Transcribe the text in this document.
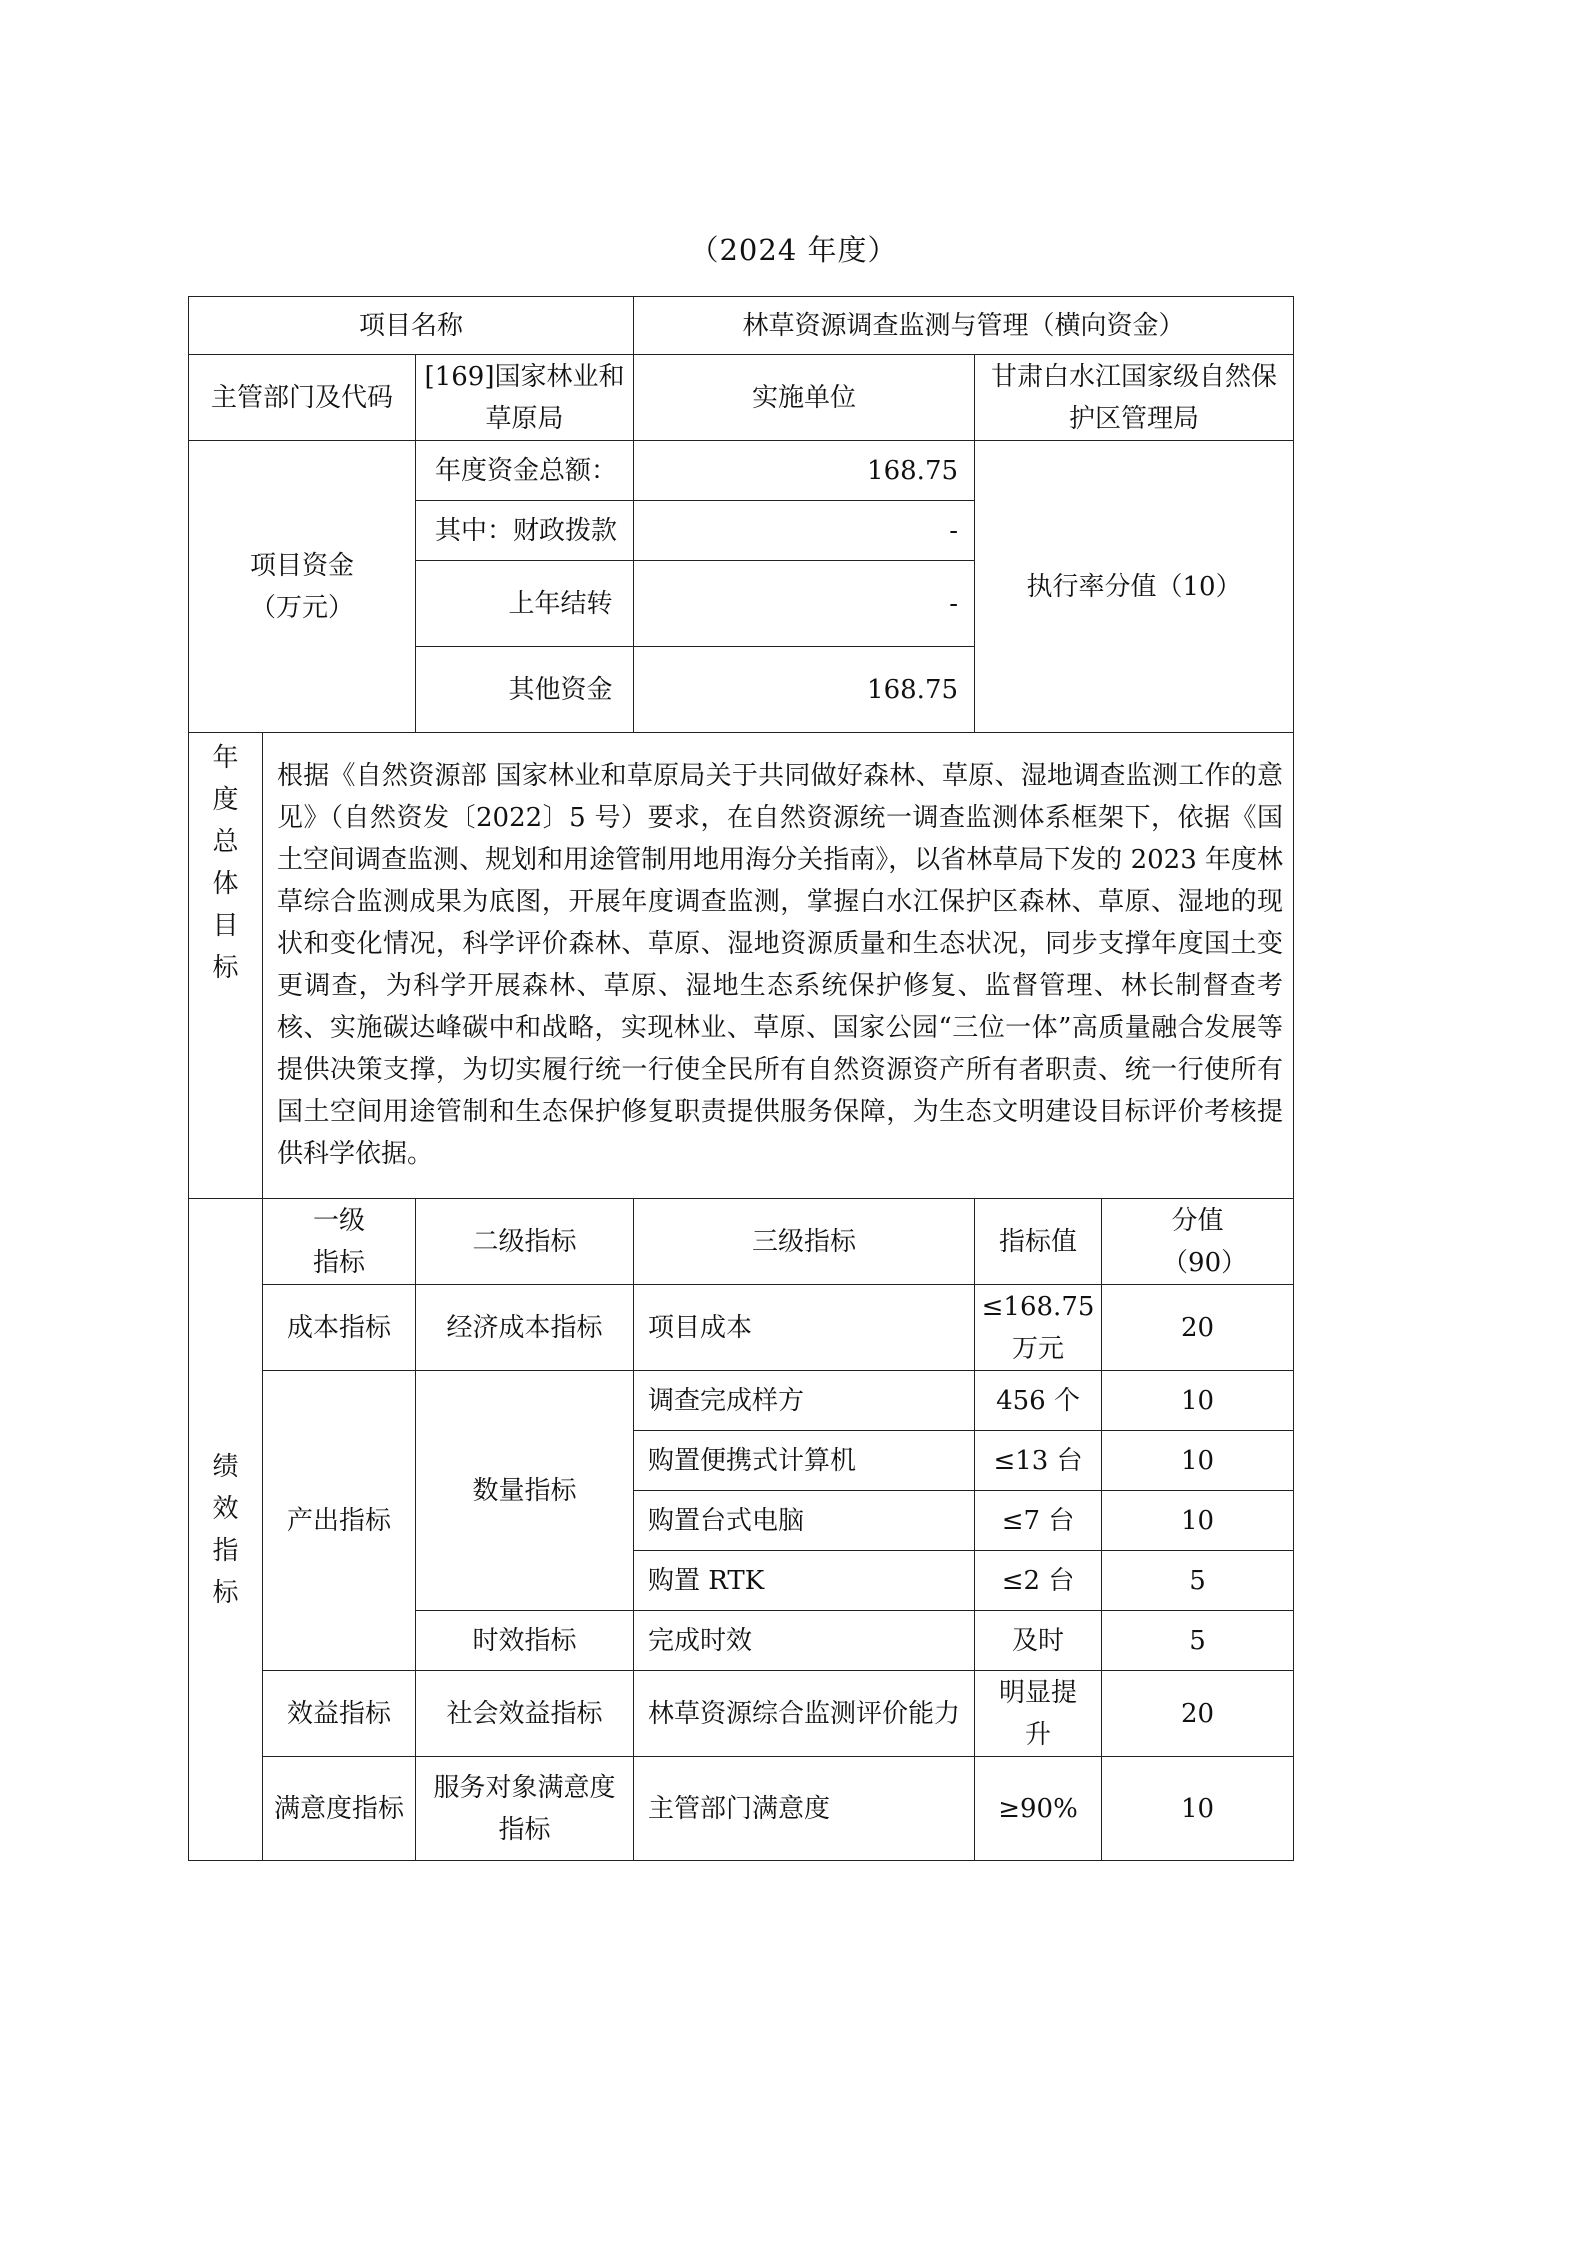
（2024 年度）
项目名称			林草资源调查监测与管理（横向资金）		
主管部门及代码		[169]国家林业和草原局	实施单位	甘肃白水江国家级自然保护区管理局	
项目资金（万元）		年度资金总额：	168.75	执行率分值（10）	
		其中：财政拨款	-		
		上年结转	-		
		其他资金	168.75		

年度总体目标	根据《自然资源部 国家林业和草原局关于共同做好森林、草原、湿地调查监测工作的意见》（自然资发〔2022〕5 号）要求，在自然资源统一调查监测体系框架下，依据《国土空间调查监测、规划和用途管制用地用海分关指南》，以省林草局下发的 2023 年度林草综合监测成果为底图，开展年度调查监测，掌握白水江保护区森林、草原、湿地的现状和变化情况，科学评价森林、草原、湿地资源质量和生态状况，同步支撑年度国土变更调查，为科学开展森林、草原、湿地生态系统保护修复、监督管理、林长制督查考核、实施碳达峰碳中和战略，实现林业、草原、国家公园“三位一体”高质量融合发展等提供决策支撑，为切实履行统一行使全民所有自然资源资产所有者职责、统一行使所有国土空间用途管制和生态保护修复职责提供服务保障，为生态文明建设目标评价考核提供科学依据。				

绩效指标	一级指标	二级指标	三级指标	指标值	分值（90）
	成本指标	经济成本指标	项目成本	≤168.75万元	20
	产出指标	数量指标	调查完成样方	456 个	10
			购置便携式计算机	≤13 台	10
			购置台式电脑	≤7 台	10
			购置 RTK	≤2 台	5
		时效指标	完成时效	及时	5
	效益指标	社会效益指标	林草资源综合监测评价能力	明显提升	20
	满意度指标	服务对象满意度指标	主管部门满意度	≥90%	10
